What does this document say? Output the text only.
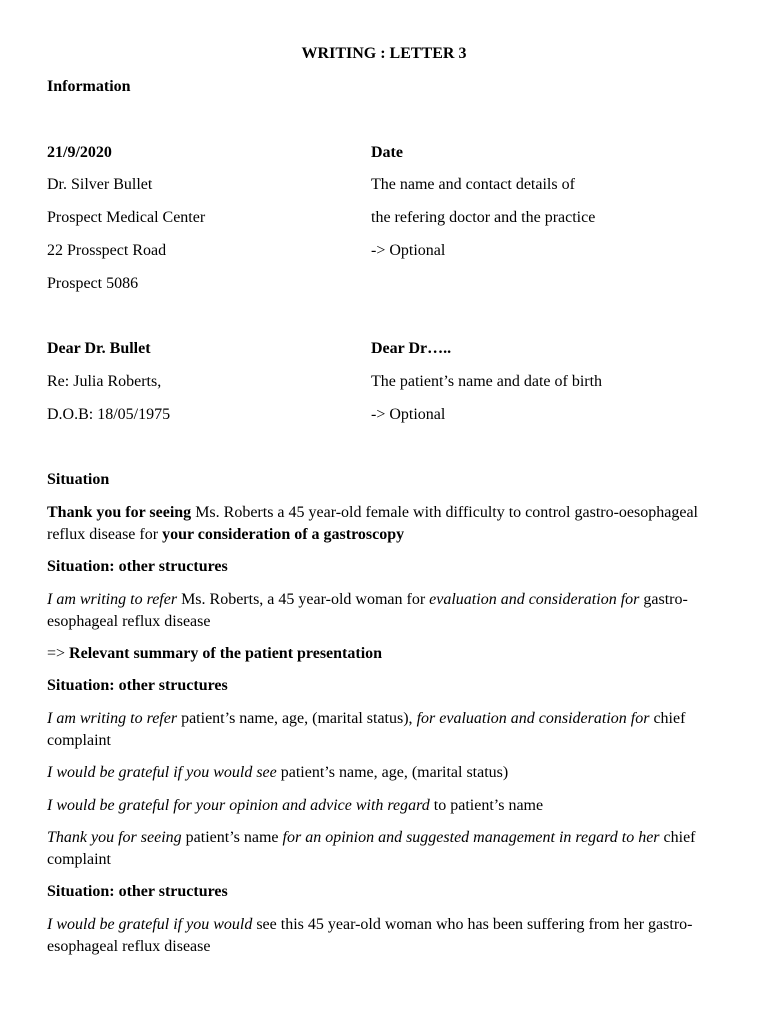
WRITING : LETTER 3
Information
21/9/2020
Dr. Silver Bullet
Prospect Medical Center
22 Prosspect Road
Prospect 5086
Date
The name and contact details of
the refering doctor and the practice
-> Optional
Dear Dr. Bullet
Re: Julia Roberts,
D.O.B: 18/05/1975
Dear Dr…..
The patient’s name and date of birth
-> Optional
Situation
Thank you for seeing Ms. Roberts a 45 year-old female with difficulty to control gastro-oesophageal reflux disease for your consideration of a gastroscopy
Situation: other structures
I am writing to refer Ms. Roberts, a 45 year-old woman for evaluation and consideration for gastro-esophageal reflux disease
=> Relevant summary of the patient presentation
Situation: other structures
I am writing to refer patient’s name, age, (marital status), for evaluation and consideration for chief complaint
I would be grateful if you would see patient’s name, age, (marital status)
I would be grateful for your opinion and advice with regard to patient’s name
Thank you for seeing patient’s name for an opinion and suggested management in regard to her chief complaint
Situation: other structures
I would be grateful if you would see this 45 year-old woman who has been suffering from her gastro-esophageal reflux disease
